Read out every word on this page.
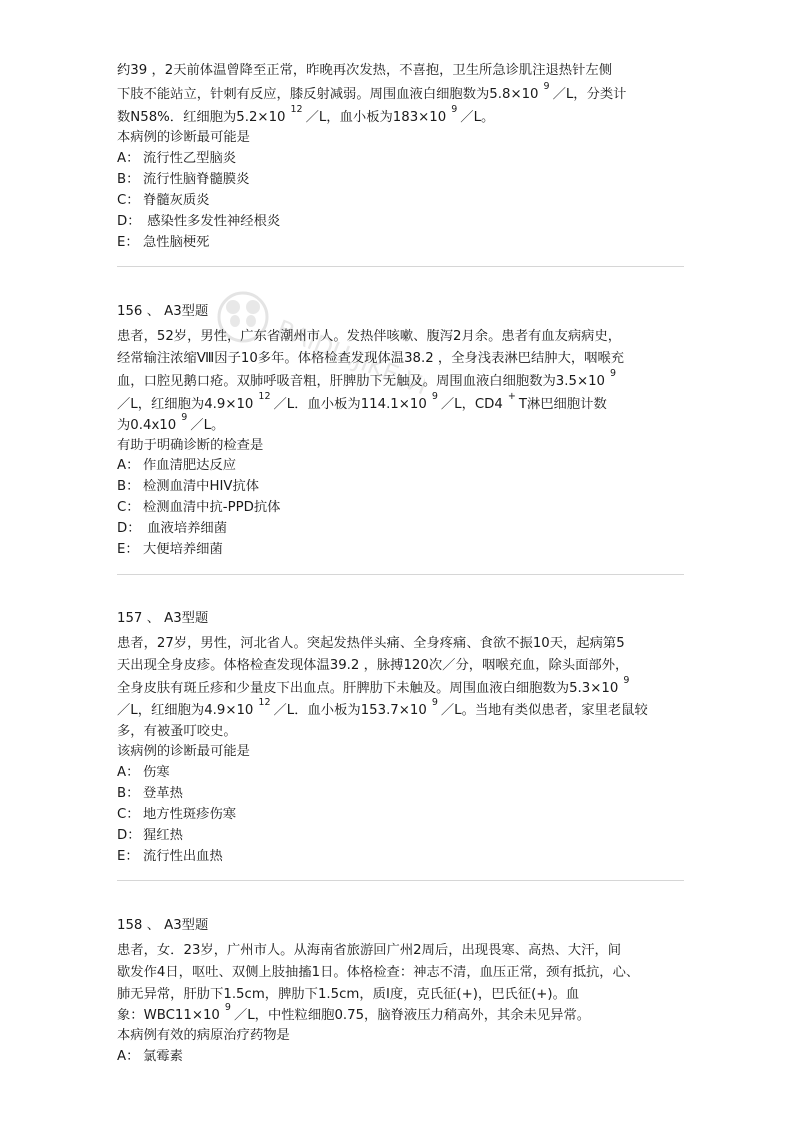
BAIDU.JIKE.VIP
约39 ，2天前体温曾降至正常，昨晚再次发热，不喜抱，卫生所急诊肌注退热针左侧
下肢不能站立，针刺有反应，膝反射减弱。周围血液白细胞数为$5.8\times 10^9/L$，分类计
数N58%．红细胞为$5.2\times 10^{12}/L$，血小板为$183\times 10^9/L$。
本病例的诊断最可能是
A： 流行性乙型脑炎
B： 流行性脑脊髓膜炎
C： 脊髓灰质炎
D： 感染性多发性神经根炎
E： 急性脑梗死
156 、 A3型题
患者，52岁，男性，广东省潮州市人。发热伴咳嗽、腹泻2月余。患者有血友病病史，
经常输注浓缩Ⅷ因子10多年。体格检查发现体温38.2 ，全身浅表淋巴结肿大，咽喉充
血，口腔见鹅口疮。双肺呼吸音粗，肝脾肋下无触及。周围血液白细胞数为$3.5\times 10^9$
／L，红细胞为$4.9\times 10^{12}/L$．血小板为$114.1\times 10^9/L$，CD4+T淋巴细胞计数
为$0.4x10^9/L$。
有助于明确诊断的检查是
A： 作血清肥达反应
B： 检测血清中HIV抗体
C： 检测血清中抗-PPD抗体
D： 血液培养细菌
E： 大便培养细菌
157 、 A3型题
患者，27岁，男性，河北省人。突起发热伴头痛、全身疼痛、食欲不振10天，起病第5
天出现全身皮疹。体格检查发现体温39.2 ，脉搏120次／分，咽喉充血，除头面部外，
全身皮肤有斑丘疹和少量皮下出血点。肝脾肋下未触及。周围血液白细胞数为$5.3\times 10^9$
／L，红细胞为$4.9\times 10^{12}/L$．血小板为$153.7\times 10^9/L$。当地有类似患者，家里老鼠较
多，有被蚤叮咬史。
该病例的诊断最可能是
A： 伤寒
B： 登革热
C： 地方性斑疹伤寒
D： 猩红热
E： 流行性出血热
158 、 A3型题
患者，女．23岁，广州市人。从海南省旅游回广州2周后，出现畏寒、高热、大汗，间
歇发作4日，呕吐、双侧上肢抽搐1日。体格检查：神志不清，血压正常，颈有抵抗，心、
肺无异常，肝肋下1.5cm，脾肋下1.5cm，质I度，克氏征(+)，巴氏征(+)。血
象：$WBC11\times 10^9/L$，中性粒细胞0.75，脑脊液压力稍高外，其余未见异常。
本病例有效的病原治疗药物是
A： 氯霉素
